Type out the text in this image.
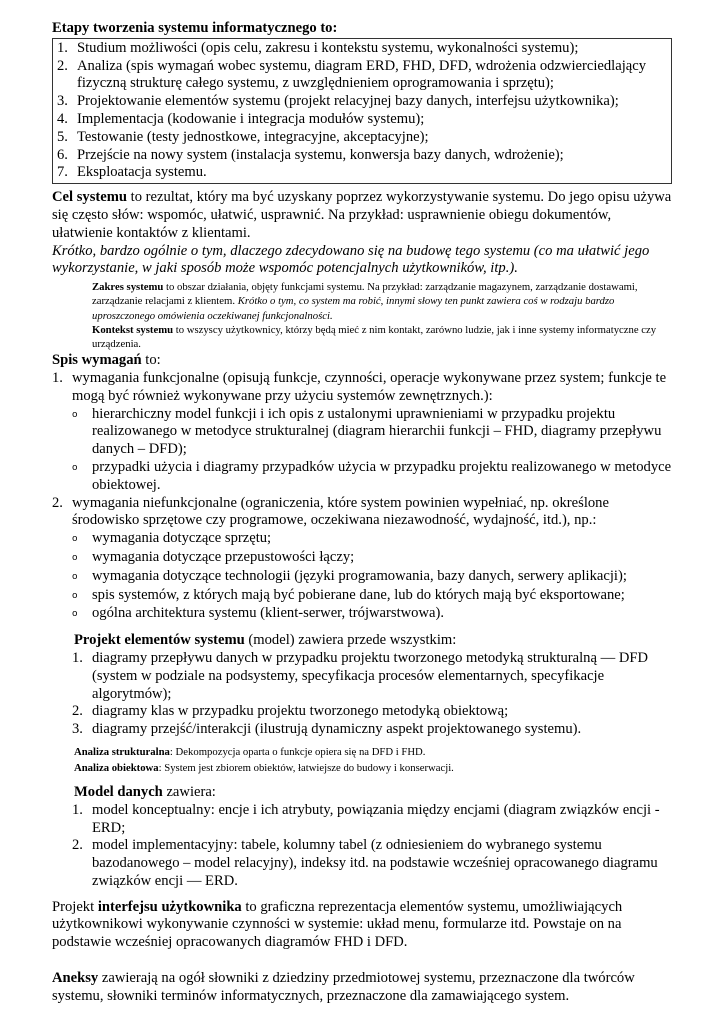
Etapy tworzenia systemu informatycznego to:

1. Studium możliwości (opis celu, zakresu i kontekstu systemu, wykonalności systemu);
2. Analiza (spis wymagań wobec systemu, diagram ERD, FHD, DFD, wdrożenia odzwierciedlający fizyczną strukturę całego systemu, z uwzględnieniem oprogramowania i sprzętu);
3. Projektowanie elementów systemu (projekt relacyjnej bazy danych, interfejsu użytkownika);
4. Implementacja (kodowanie i integracja modułów systemu);
5. Testowanie (testy jednostkowe, integracyjne, akceptacyjne);
6. Przejście na nowy system (instalacja systemu, konwersja bazy danych, wdrożenie);
7. Eksploatacja systemu.

Cel systemu to rezultat, który ma być uzyskany poprzez wykorzystywanie systemu. Do jego opisu używa się często słów: wspomóc, ułatwić, usprawnić. Na przykład: usprawnienie obiegu dokumentów, ułatwienie kontaktów z klientami.

Krótko, bardzo ogólnie o tym, dlaczego zdecydowano się na budowę tego systemu (co ma ułatwić jego wykorzystanie, w jaki sposób może wspomóc potencjalnych użytkowników, itp.).

Zakres systemu to obszar działania, objęty funkcjami systemu. Na przykład: zarządzanie magazynem, zarządzanie dostawami, zarządzanie relacjami z klientem. Krótko o tym, co system ma robić, innymi słowy ten punkt zawiera coś w rodzaju bardzo uproszczonego omówienia oczekiwanej funkcjonalności.

Kontekst systemu to wszyscy użytkownicy, którzy będą mieć z nim kontakt, zarówno ludzie, jak i inne systemy informatyczne czy urządzenia.

Spis wymagań to:

1. wymagania funkcjonalne (opisują funkcje, czynności, operacje wykonywane przez system; funkcje te mogą być również wykonywane przy użyciu systemów zewnętrznych.):
o hierarchiczny model funkcji i ich opis z ustalonymi uprawnieniami w przypadku projektu realizowanego w metodyce strukturalnej (diagram hierarchii funkcji – FHD, diagramy przepływu danych – DFD);
o przypadki użycia i diagramy przypadków użycia w przypadku projektu realizowanego w metodyce obiektowej.
2. wymagania niefunkcjonalne (ograniczenia, które system powinien wypełniać, np. określone środowisko sprzętowe czy programowe, oczekiwana niezawodność, wydajność, itd.), np.:
o wymagania dotyczące sprzętu;
o wymagania dotyczące przepustowości łączy;
o wymagania dotyczące technologii (języki programowania, bazy danych, serwery aplikacji);
o spis systemów, z których mają być pobierane dane, lub do których mają być eksportowane;
o ogólna architektura systemu (klient-serwer, trójwarstwowa).

Projekt elementów systemu (model) zawiera przede wszystkim:

1. diagramy przepływu danych w przypadku projektu tworzonego metodyką strukturalną — DFD (system w podziale na podsystemy, specyfikacja procesów elementarnych, specyfikacje algorytmów);
2. diagramy klas w przypadku projektu tworzonego metodyką obiektową;
3. diagramy przejść/interakcji (ilustrują dynamiczny aspekt projektowanego systemu).

Analiza strukturalna: Dekompozycja oparta o funkcje opiera się na DFD i FHD.

Analiza obiektowa: System jest zbiorem obiektów, łatwiejsze do budowy i konserwacji.

Model danych zawiera:

1. model konceptualny: encje i ich atrybuty, powiązania między encjami (diagram związków encji - ERD;
2. model implementacyjny: tabele, kolumny tabel (z odniesieniem do wybranego systemu bazodanowego – model relacyjny), indeksy itd. na podstawie wcześniej opracowanego diagramu związków encji — ERD.

Projekt interfejsu użytkownika to graficzna reprezentacja elementów systemu, umożliwiających użytkownikowi wykonywanie czynności w systemie: układ menu, formularze itd. Powstaje on na podstawie wcześniej opracowanych diagramów FHD i DFD.

Aneksy zawierają na ogół słowniki z dziedziny przedmiotowej systemu, przeznaczone dla twórców systemu, słowniki terminów informatycznych, przeznaczone dla zamawiającego system.
